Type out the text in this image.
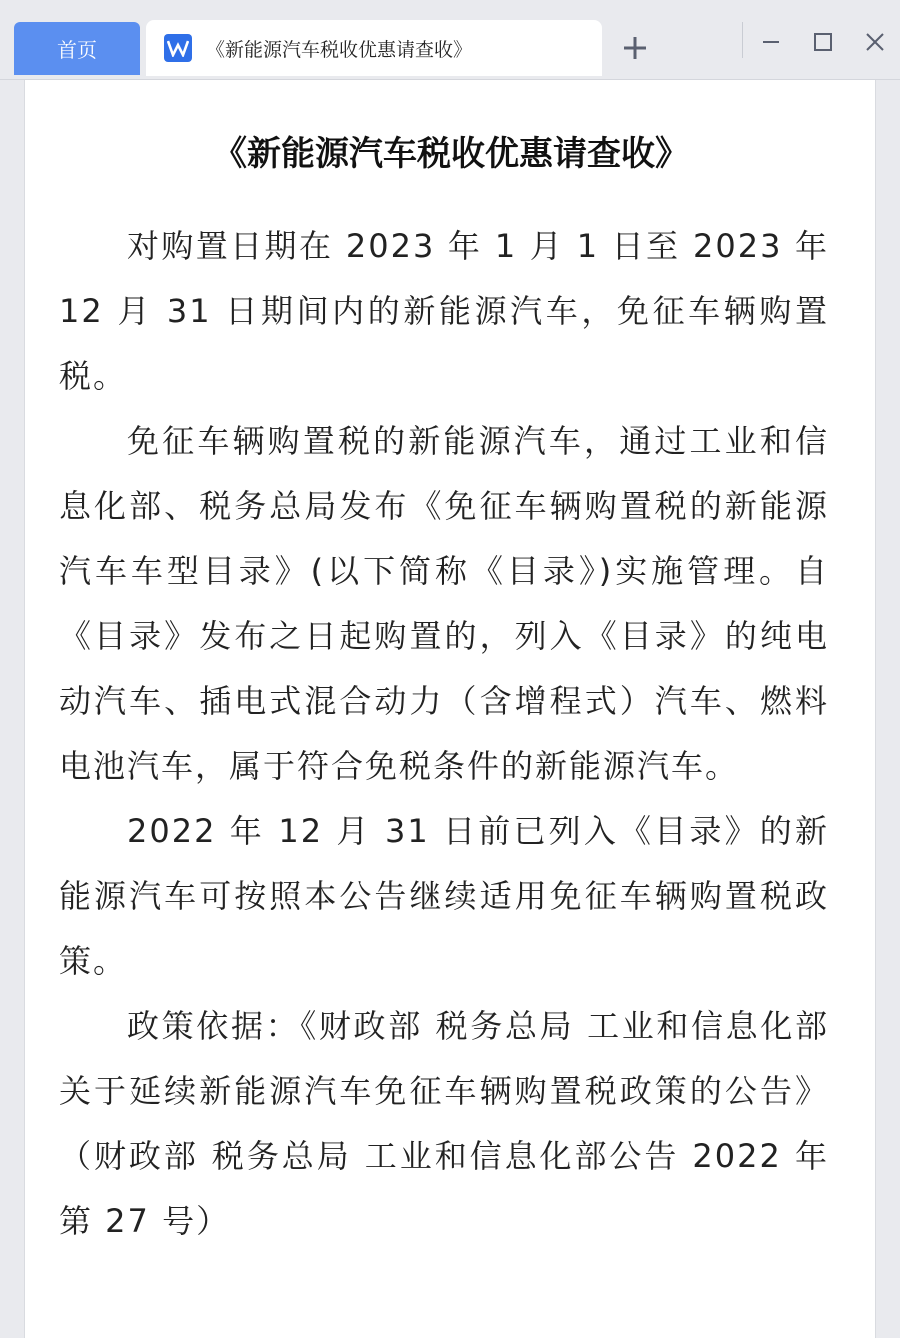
首页	《新能源汽车税收优惠请查收》
《新能源汽车税收优惠请查收》

对购置日期在 2023 年 1 月 1 日至 2023 年 12 月 31 日期间内的新能源汽车，免征车辆购置税。

免征车辆购置税的新能源汽车，通过工业和信息化部、税务总局发布《免征车辆购置税的新能源汽车车型目录》(以下简称《目录》)实施管理。自《目录》发布之日起购置的，列入《目录》的纯电动汽车、插电式混合动力（含增程式）汽车、燃料电池汽车，属于符合免税条件的新能源汽车。

2022 年 12 月 31 日前已列入《目录》的新能源汽车可按照本公告继续适用免征车辆购置税政策。

政策依据：《财政部 税务总局 工业和信息化部关于延续新能源汽车免征车辆购置税政策的公告》（财政部 税务总局 工业和信息化部公告 2022 年第 27 号）
